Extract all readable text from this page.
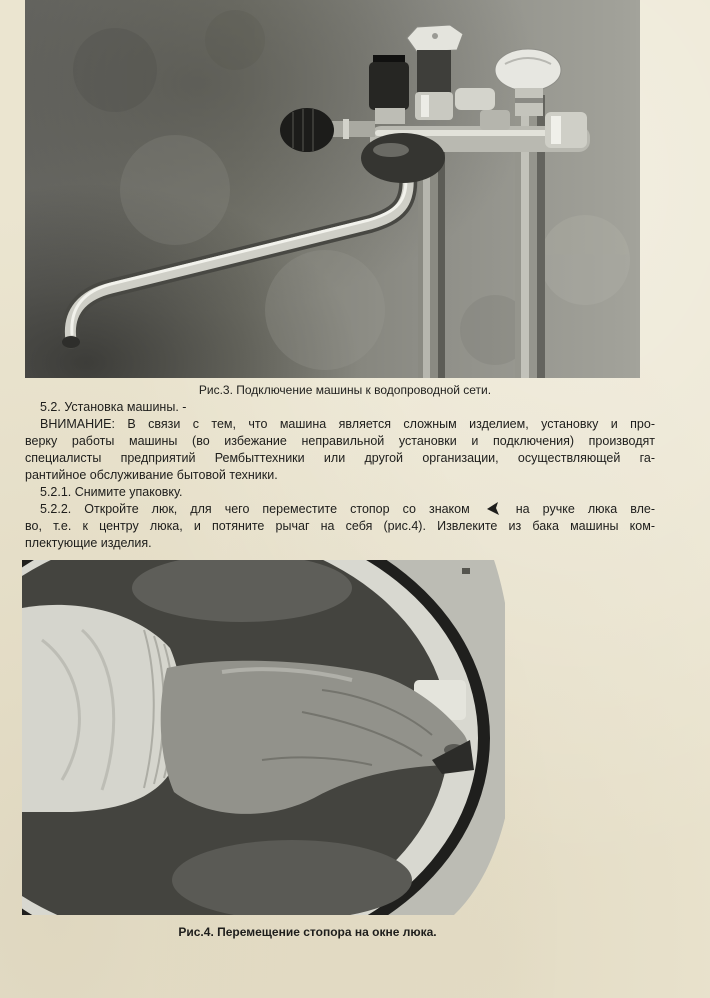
Рис.3. Подключение машины к водопроводной сети.
5.2. Установка машины. -
ВНИМАНИЕ: В связи с тем, что машина является сложным изделием, установку и про-
верку работы машины (во избежание неправильной установки и подключения) производят
специалисты предприятий Рембыттехники или другой организации, осуществляющей га-
рантийное обслуживание бытовой техники.
5.2.1. Снимите упаковку.
5.2.2. Откройте люк, для чего переместите стопор со знаком	на ручке люка вле-
во, т.е. к центру люка, и потяните рычаг на себя (рис.4). Извлеките из бака машины ком-
плектующие изделия.
Рис.4. Перемещение стопора на окне люка.
